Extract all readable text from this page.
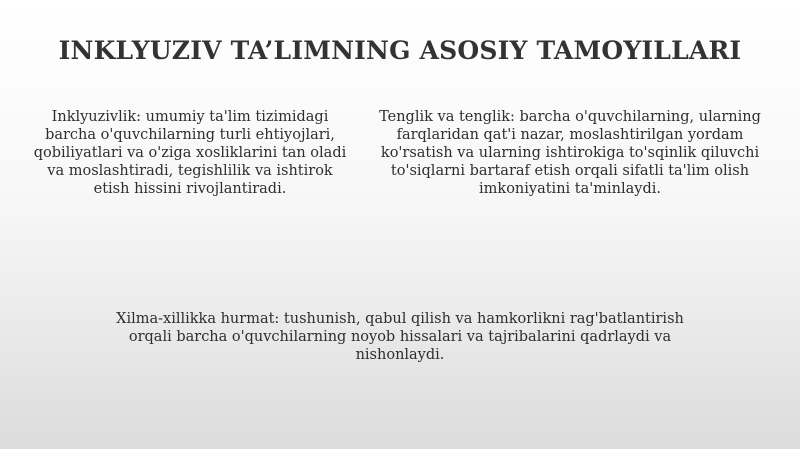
INKLYUZIV TA’LIMNING ASOSIY TAMOYILLARI
Inklyuzivlik: umumiy ta'lim tizimidagi barcha o'quvchilarning turli ehtiyojlari, qobiliyatlari va o'ziga xosliklarini tan oladi va moslashtiradi, tegishlilik va ishtirok etish hissini rivojlantiradi.
Tenglik va tenglik: barcha o'quvchilarning, ularning farqlaridan qat'i nazar, moslashtirilgan yordam ko'rsatish va ularning ishtirokiga to'sqinlik qiluvchi to'siqlarni bartaraf etish orqali sifatli ta'lim olish imkoniyatini ta'minlaydi.
Xilma-xillikka hurmat: tushunish, qabul qilish va hamkorlikni rag'batlantirish orqali barcha o'quvchilarning noyob hissalari va tajribalarini qadrlaydi va nishonlaydi.
